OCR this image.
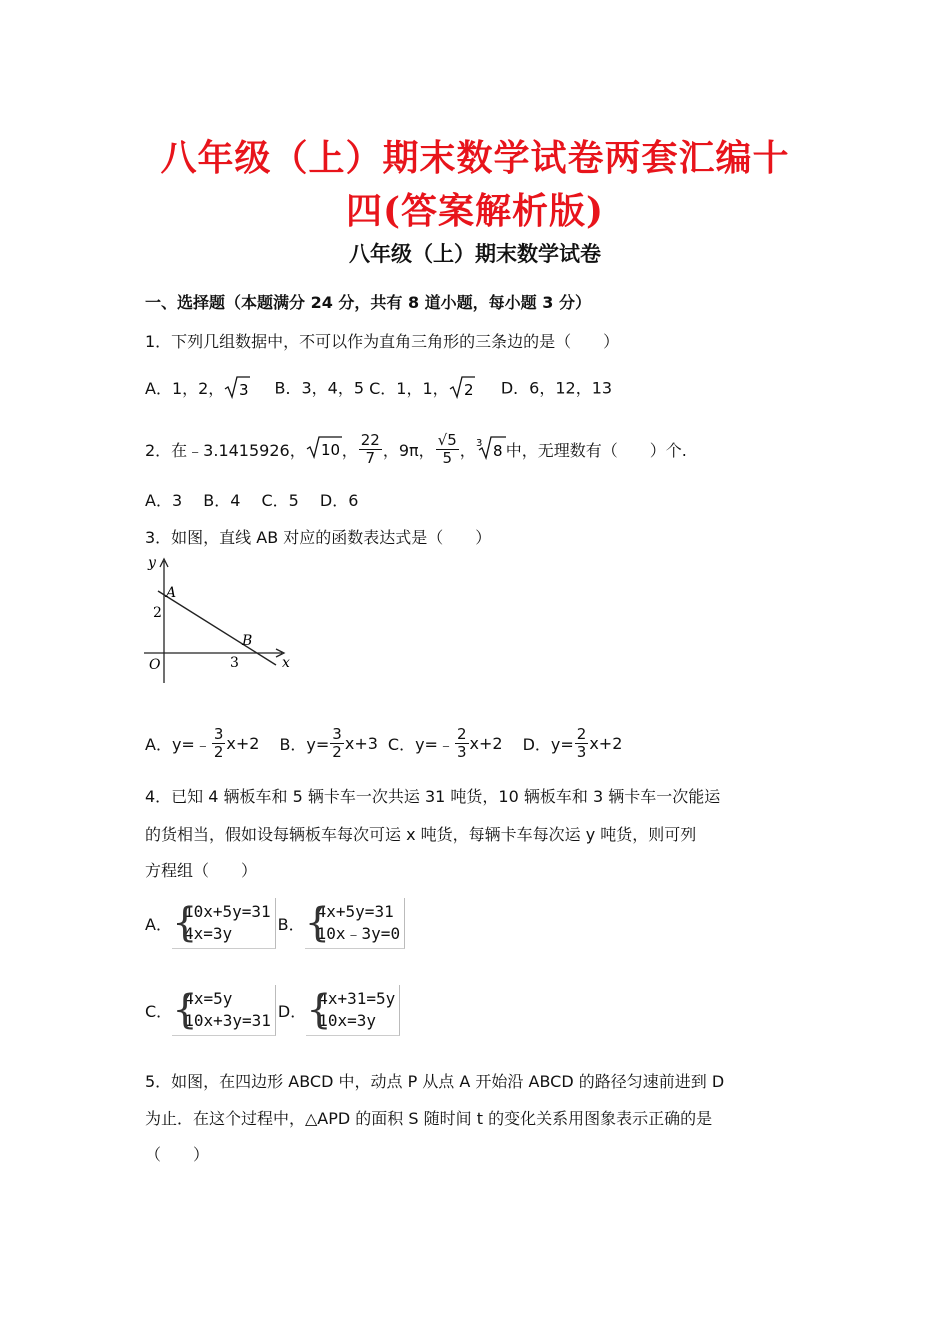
八年级（上）期末数学试卷两套汇编十
四(答案解析版)
八年级（上）期末数学试卷
一、选择题（本题满分 24 分，共有 8 道小题，每小题 3 分）
1．下列几组数据中，不可以作为直角三角形的三条边的是（　　）
A．1，2， 3 B．3，4，5 C．1，1， 2 D．6，12，13
2．在﹣3.1415926， 10 ， $\frac{22}{7}$ ，9π， $\frac{√5}{5}$ ， 3 8 中，无理数有（　　）个.
A．3　 B．4　 C．5　 D．6
3．如图，直线 AB 对应的函数表达式是（　　）
y
x
A
B
O
2
3
A．y=﹣ $\frac{3}{2} x+2$ B．$y= \frac{3}{2} x+3$ C．y=﹣ $\frac{2}{3} x+2$ D．$y= \frac{2}{3} x+2$
4．已知 4 辆板车和 5 辆卡车一次共运 31 吨货，10 辆板车和 3 辆卡车一次能运
的货相当，假如设每辆板车每次可运 x 吨货，每辆卡车每次运 y 吨货，则可列
方程组（　　）
A． {
10x+5y=31
4x=3y	B． {
4x+5y=31
10x﹣3y=0
C． {
4x=5y
10x+3y=31 D． {
4x+31=5y
10x=3y
5．如图，在四边形 ABCD 中，动点 P 从点 A 开始沿 ABCD 的路径匀速前进到 D
为止．在这个过程中，△APD 的面积 S 随时间 t 的变化关系用图象表示正确的是
（　　）
